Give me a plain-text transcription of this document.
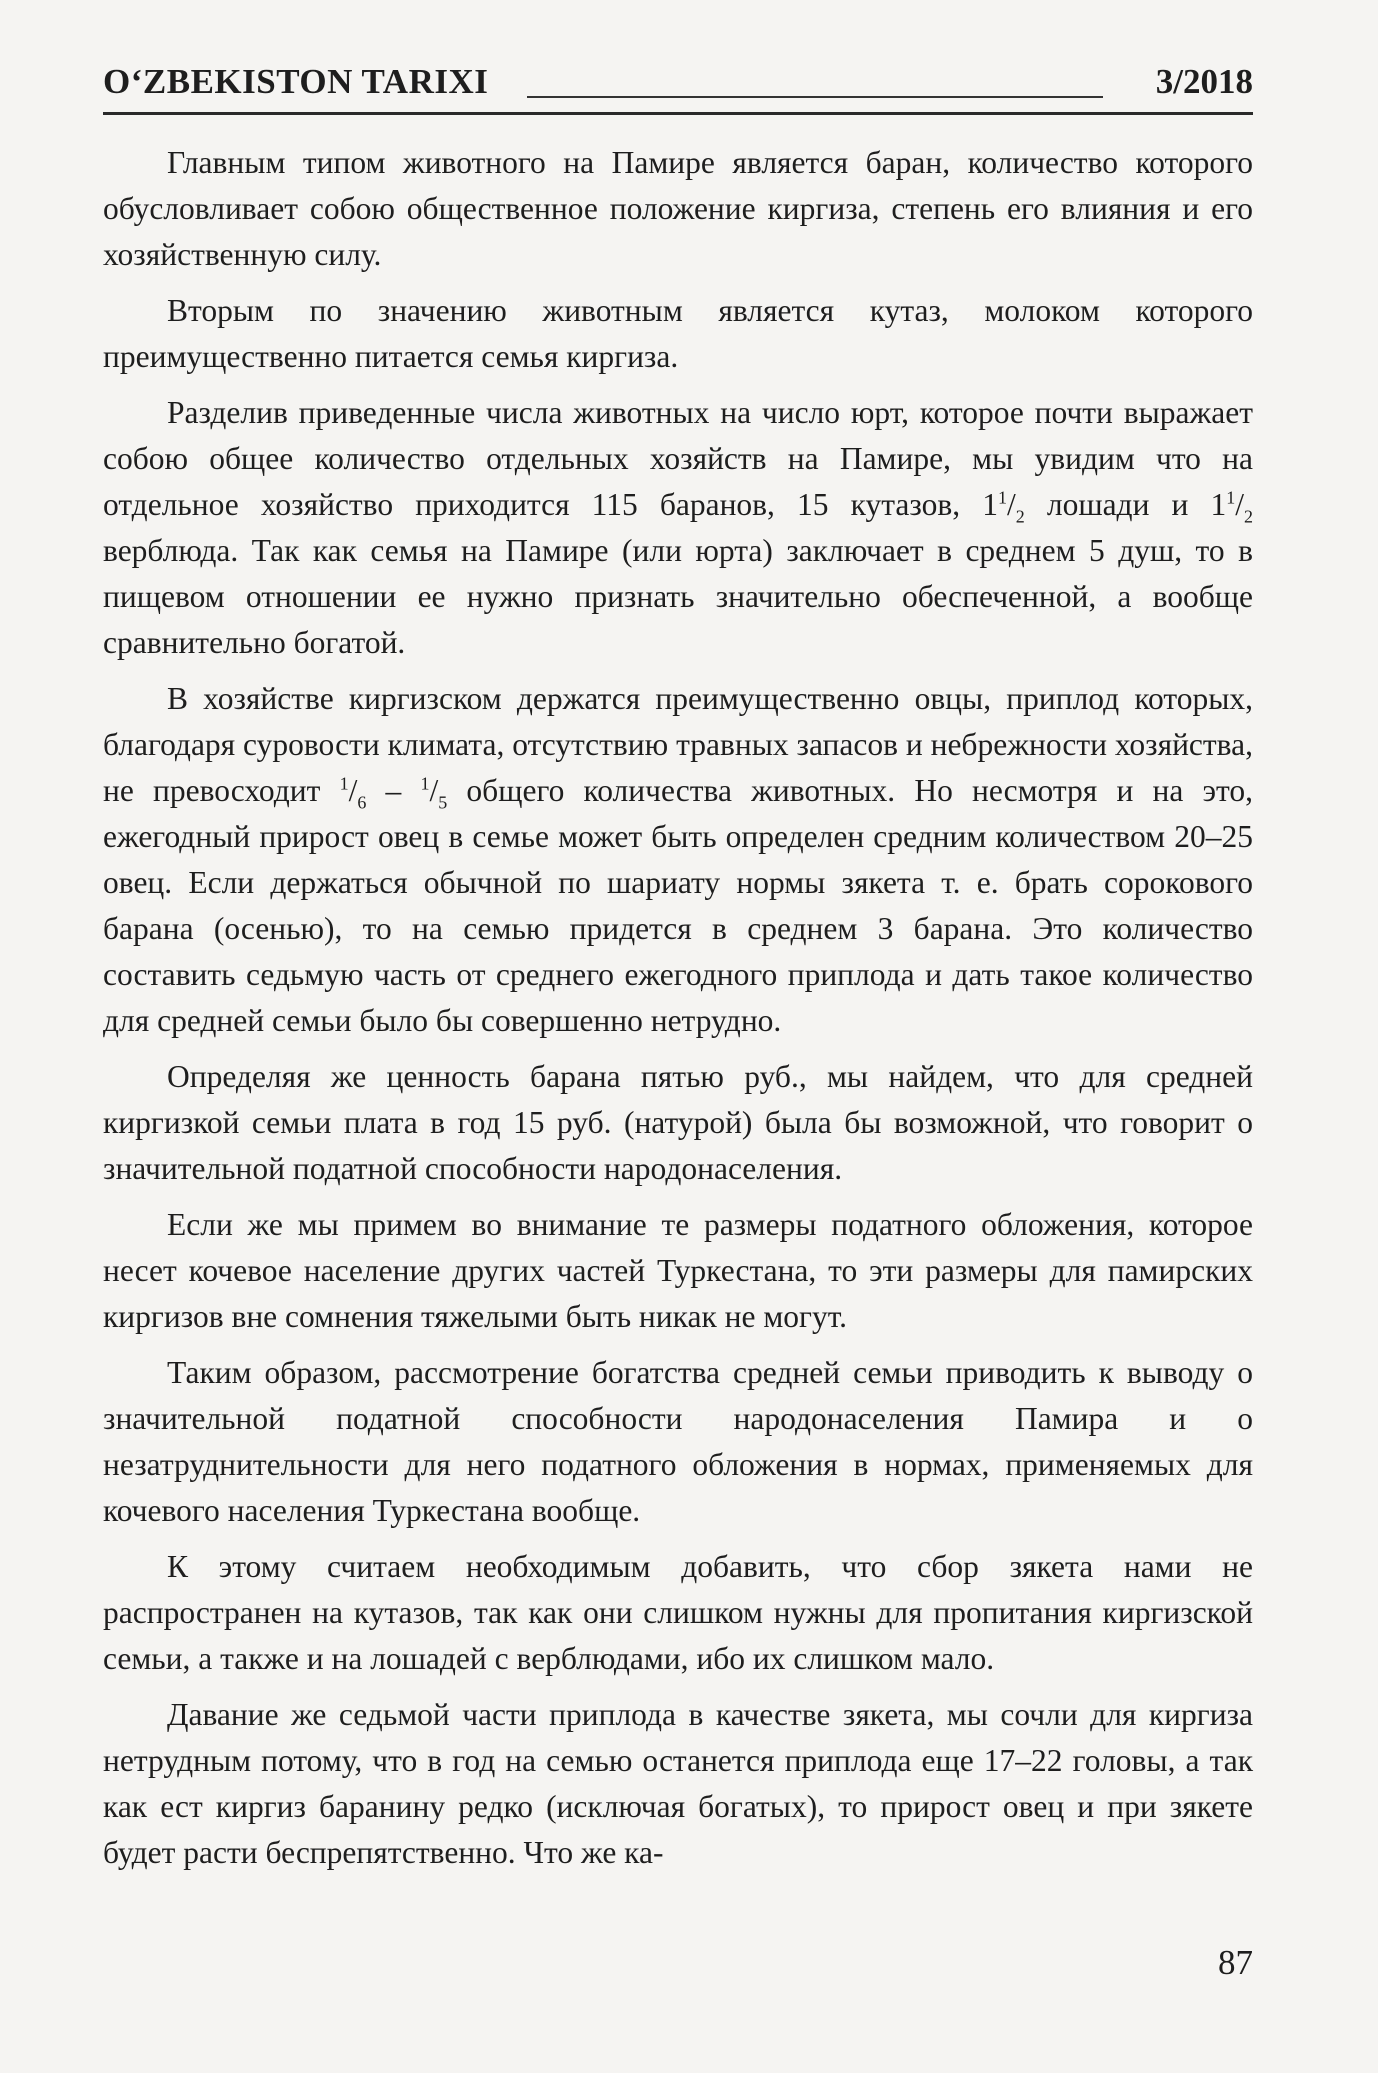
O‘ZBEKISTON TARIXI	3/2018

Главным типом животного на Памире является баран, количество которого обусловливает собою общественное положение киргиза, степень его влияния и его хозяйственную силу.

Вторым по значению животным является кутаз, молоком которого преимущественно питается семья киргиза.

Разделив приведенные числа животных на число юрт, которое почти выражает собою общее количество отдельных хозяйств на Памире, мы увидим что на отдельное хозяйство приходится 115 баранов, 15 кутазов, $1^1/_2$ лошади и $1^1/_2$ верблюда. Так как семья на Памире (или юрта) заключает в среднем 5 душ, то в пищевом отношении ее нужно признать значительно обеспеченной, а вообще сравнительно богатой.

В хозяйстве киргизском держатся преимущественно овцы, приплод которых, благодаря суровости климата, отсутствию травных запасов и небрежности хозяйства, не превосходит $^1/_6 - ^1/_5$ общего количества животных. Но несмотря и на это, ежегодный прирост овец в семье может быть определен средним количеством 20–25 овец. Если держаться обычной по шариату нормы зякета т. е. брать сорокового барана (осенью), то на семью придется в среднем 3 барана. Это количество составить седьмую часть от среднего ежегодного приплода и дать такое количество для средней семьи было бы совершенно нетрудно.

Определяя же ценность барана пятью руб., мы найдем, что для средней киргизкой семьи плата в год 15 руб. (натурой) была бы возможной, что говорит о значительной податной способности народонаселения.

Если же мы примем во внимание те размеры податного обложения, которое несет кочевое население других частей Туркестана, то эти размеры для памирских киргизов вне сомнения тяжелыми быть никак не могут.

Таким образом, рассмотрение богатства средней семьи приводить к выводу о значительной податной способности народонаселения Памира и о незатруднительности для него податного обложения в нормах, применяемых для кочевого населения Туркестана вообще.

К этому считаем необходимым добавить, что сбор зякета нами не распространен на кутазов, так как они слишком нужны для пропитания киргизской семьи, а также и на лошадей с верблюдами, ибо их слишком мало.

Давание же седьмой части приплода в качестве зякета, мы сочли для киргиза нетрудным потому, что в год на семью останется приплода еще 17–22 головы, а так как ест киргиз баранину редко (исключая богатых), то прирост овец и при зякете будет расти беспрепятственно. Что же ка-

87
